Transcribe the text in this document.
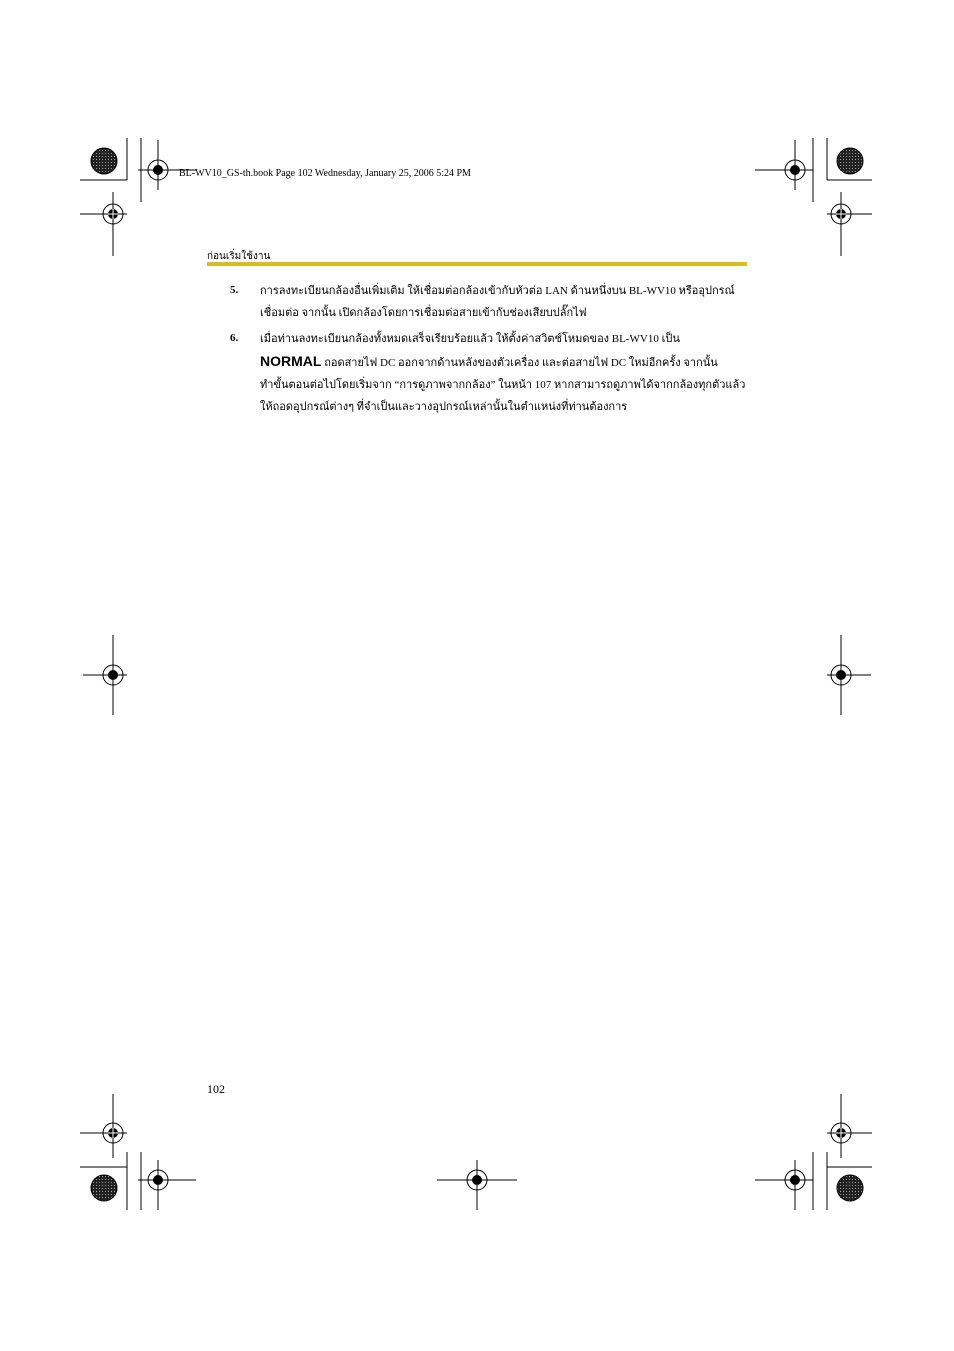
BL-WV10_GS-th.book Page 102 Wednesday, January 25, 2006 5:24 PM
ก่อนเริ่มใช้งาน
5. การลงทะเบียนกล้องอื่นเพิ่มเติม ให้เชื่อมต่อกล้องเข้ากับหัวต่อ LAN ด้านหนึ่งบน BL-WV10 หรืออุปกรณ์
เชื่อมต่อ จากนั้น เปิดกล้องโดยการเชื่อมต่อสายเข้ากับช่องเสียบปลั๊กไฟ
6. เมื่อท่านลงทะเบียนกล้องทั้งหมดเสร็จเรียบร้อยแล้ว ให้ตั้งค่าสวิตช์โหมดของ BL-WV10 เป็น
NORMAL ถอดสายไฟ DC ออกจากด้านหลังของตัวเครื่อง และต่อสายไฟ DC ใหม่อีกครั้ง จากนั้น
ทำขั้นตอนต่อไปโดยเริ่มจาก “การดูภาพจากกล้อง” ในหน้า 107 หากสามารถดูภาพได้จากกล้องทุกตัวแล้ว
ให้ถอดอุปกรณ์ต่างๆ ที่จำเป็นและวางอุปกรณ์เหล่านั้นในตำแหน่งที่ท่านต้องการ
102
